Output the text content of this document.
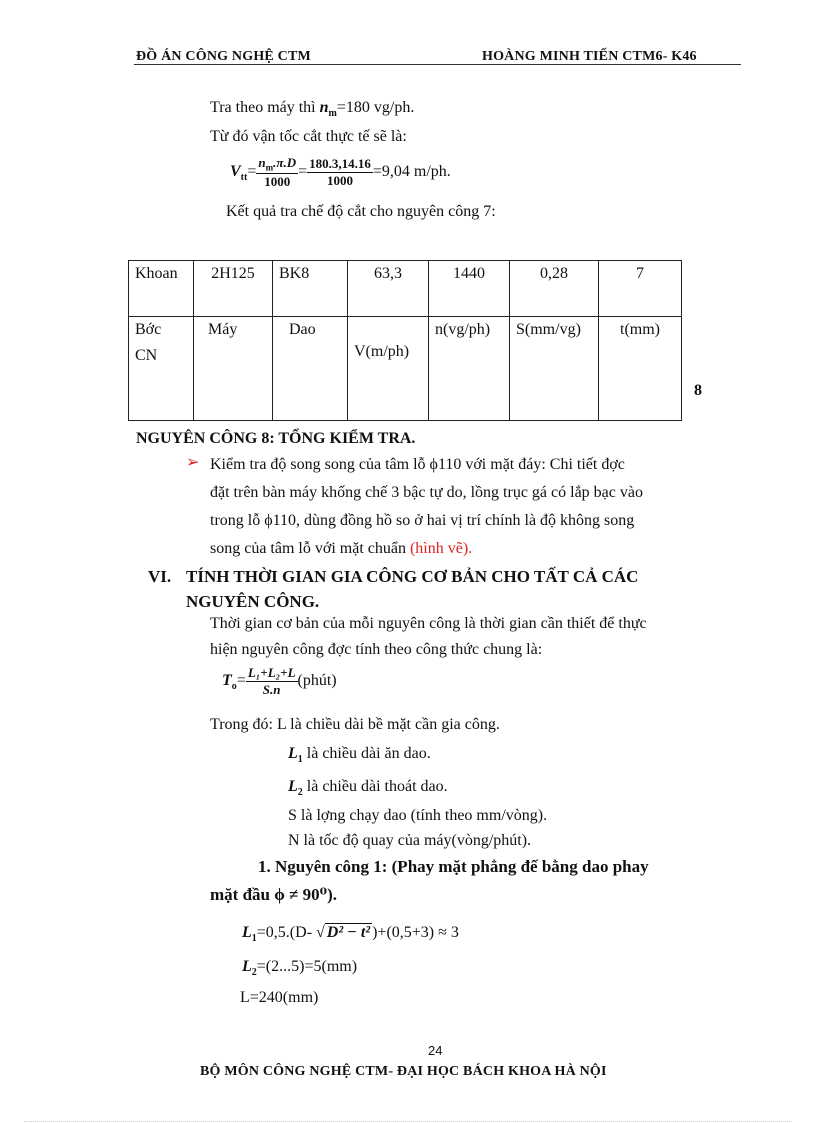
ĐỒ ÁN CÔNG NGHỆ CTM	HOÀNG MINH TIẾN CTM6- K46
Tra theo máy thì $n_m=180$ vg/ph.
Từ đó vận tốc cắt thực tế sẽ là:
$V_{tt}= \frac{n_m.\pi.D}{1000} = \frac{180.3,14.16}{1000} =9,04$ m/ph.
Kết quả tra chế độ cắt cho nguyên công 7:
Khoan	2H125	BK8	63,3	1440	0,28	7
Bớc
CN	Máy	Dao	V(m/ph)	n(vg/ph)	S(mm/vg)	t(mm)
8
NGUYÊN CÔNG 8: TỔNG KIỂM TRA.
➢ Kiểm tra độ song song của tâm lỗ ϕ110 với mặt đáy: Chi tiết đợc
đặt trên bàn máy khống chế 3 bậc tự do, lồng trục gá có lắp bạc vào
trong lỗ ϕ110, dùng đồng hồ so ở hai vị trí chính là độ không song
song của tâm lỗ với mặt chuẩn (hình vẽ).
VI. TÍNH THỜI GIAN GIA CÔNG CƠ BẢN CHO TẤT CẢ CÁC
NGUYÊN CÔNG.
Thời gian cơ bản của mỗi nguyên công là thời gian cần thiết để thực
hiện nguyên công đợc tính theo công thức chung là:
$T_o= \frac{\text{L₁+L₂+L}}{S.n}$ (phút)
Trong đó: L là chiều dài bề mặt cần gia công.
$L_1$ là chiều dài ăn dao.
$L_2$ là chiều dài thoát dao.
S là lợng chạy dao (tính theo mm/vòng).
N là tốc độ quay của máy(vòng/phút).
1. Nguyên công 1: (Phay mặt phẳng đế bằng dao phay
mặt đầu ϕ ≠ 90⁰).
$L_1=0,5.(D-$ √ D² − t² )+(0,5+3) ≈ 3
$L_2=(2...5)=5(mm)$
L=240(mm)
24
BỘ MÔN CÔNG NGHỆ CTM- ĐẠI HỌC BÁCH KHOA HÀ NỘI
